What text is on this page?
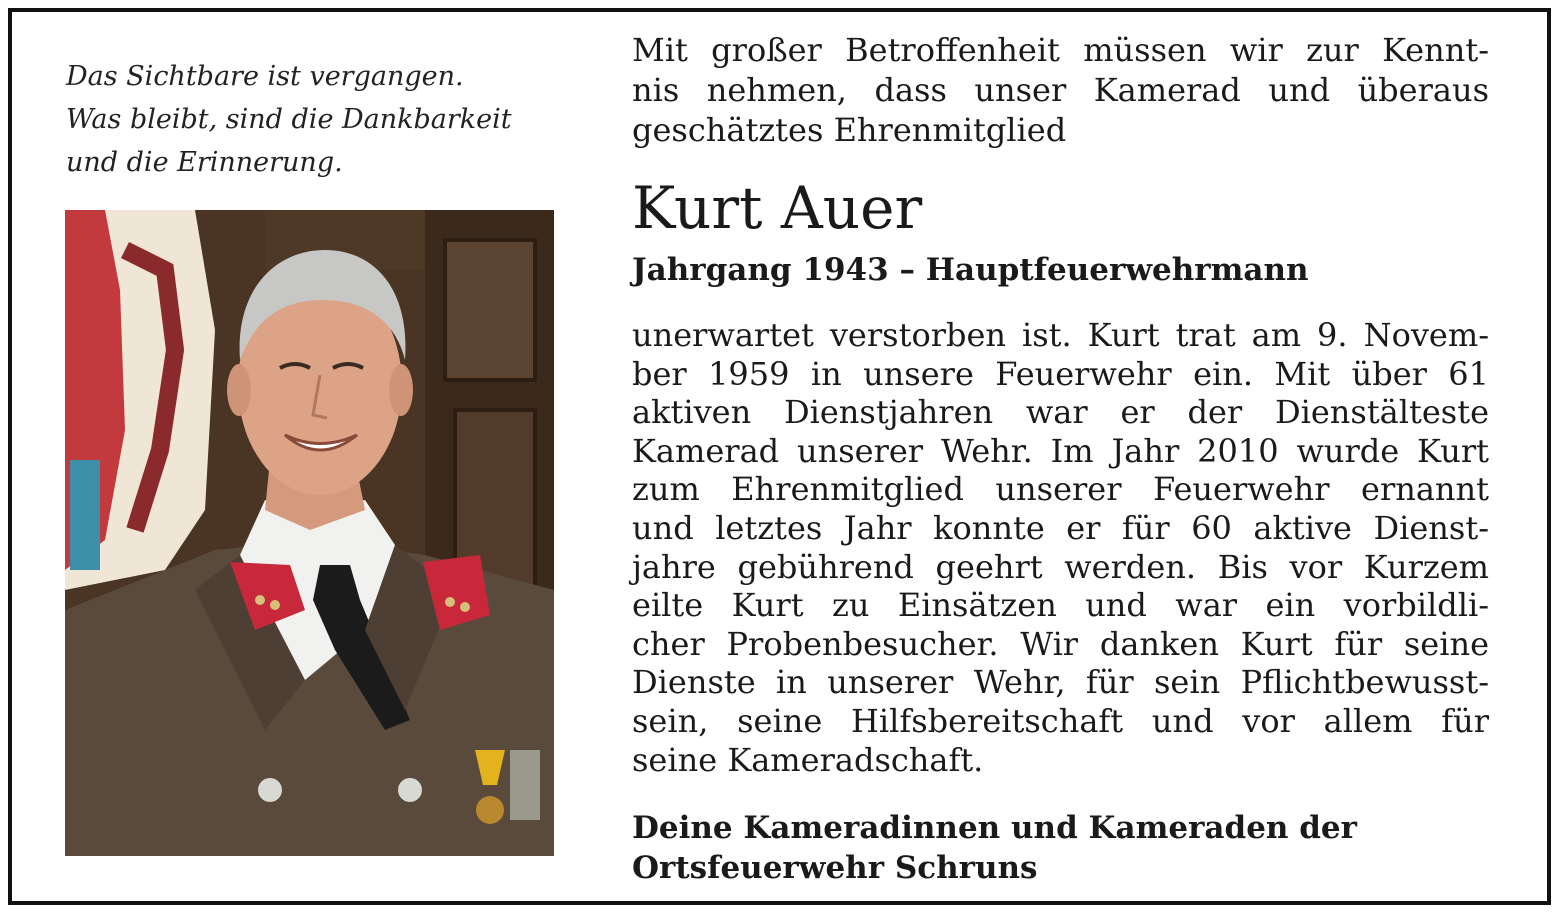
Das Sichtbare ist vergangen.
Was bleibt, sind die Dankbarkeit
und die Erinnerung.
Mit großer Betroffenheit müssen wir zur Kennt-
nis nehmen, dass unser Kamerad und überaus
geschätztes Ehrenmitglied
Kurt Auer
Jahrgang 1943 – Hauptfeuerwehrmann
unerwartet verstorben ist. Kurt trat am 9. Novem-
ber 1959 in unsere Feuerwehr ein. Mit über 61
aktiven Dienstjahren war er der Dienstälteste
Kamerad unserer Wehr. Im Jahr 2010 wurde Kurt
zum Ehrenmitglied unserer Feuerwehr ernannt
und letztes Jahr konnte er für 60 aktive Dienst-
jahre gebührend geehrt werden. Bis vor Kurzem
eilte Kurt zu Einsätzen und war ein vorbildli-
cher Probenbesucher. Wir danken Kurt für seine
Dienste in unserer Wehr, für sein Pflichtbewusst-
sein, seine Hilfsbereitschaft und vor allem für
seine Kameradschaft.
Deine Kameradinnen und Kameraden der
Ortsfeuerwehr Schruns
